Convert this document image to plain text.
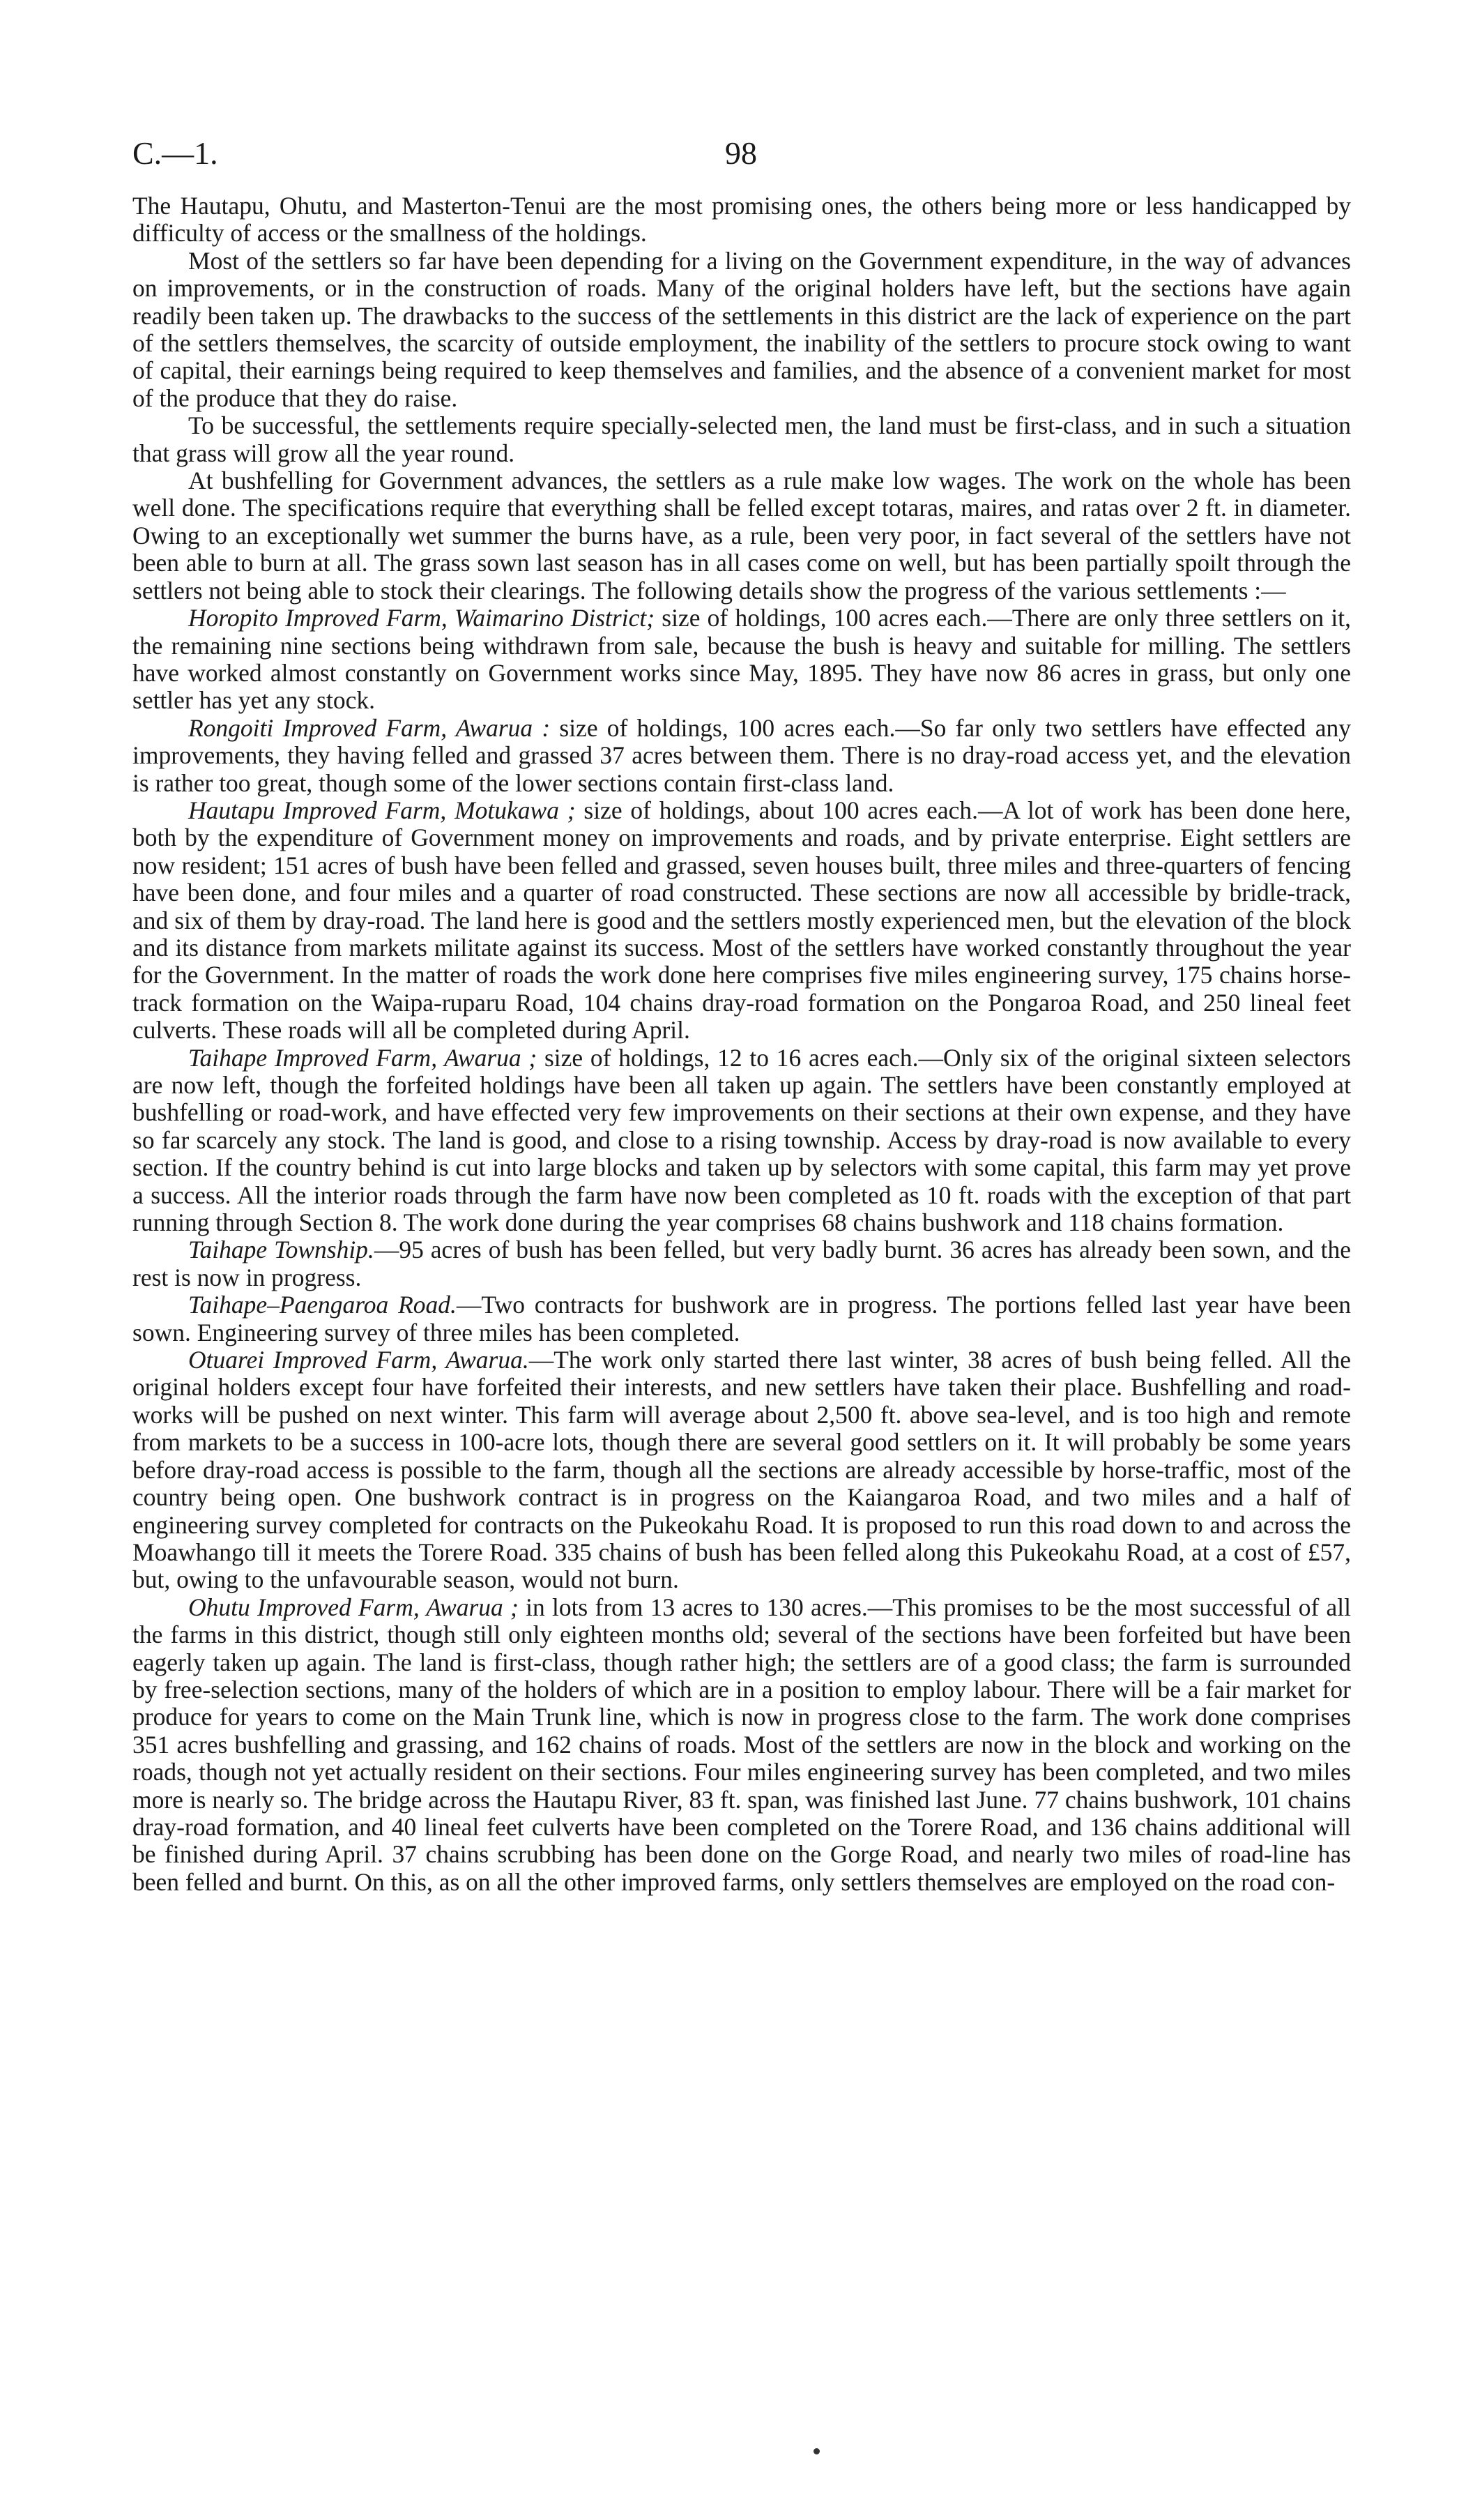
C.—1.	98

The Hautapu, Ohutu, and Masterton-Tenui are the most promising ones, the others being more or less handicapped by difficulty of access or the smallness of the holdings.

Most of the settlers so far have been depending for a living on the Government expenditure, in the way of advances on improvements, or in the construction of roads. Many of the original holders have left, but the sections have again readily been taken up. The drawbacks to the success of the settlements in this district are the lack of experience on the part of the settlers themselves, the scarcity of outside employment, the inability of the settlers to procure stock owing to want of capital, their earnings being required to keep themselves and families, and the absence of a convenient market for most of the produce that they do raise.

To be successful, the settlements require specially-selected men, the land must be first-class, and in such a situation that grass will grow all the year round.

At bushfelling for Government advances, the settlers as a rule make low wages. The work on the whole has been well done. The specifications require that everything shall be felled except totaras, maires, and ratas over 2 ft. in diameter. Owing to an exceptionally wet summer the burns have, as a rule, been very poor, in fact several of the settlers have not been able to burn at all. The grass sown last season has in all cases come on well, but has been partially spoilt through the settlers not being able to stock their clearings. The following details show the progress of the various settlements :—

Horopito Improved Farm, Waimarino District; size of holdings, 100 acres each.—There are only three settlers on it, the remaining nine sections being withdrawn from sale, because the bush is heavy and suitable for milling. The settlers have worked almost constantly on Government works since May, 1895. They have now 86 acres in grass, but only one settler has yet any stock.

Rongoiti Improved Farm, Awarua : size of holdings, 100 acres each.—So far only two settlers have effected any improvements, they having felled and grassed 37 acres between them. There is no dray-road access yet, and the elevation is rather too great, though some of the lower sections contain first-class land.

Hautapu Improved Farm, Motukawa ; size of holdings, about 100 acres each.—A lot of work has been done here, both by the expenditure of Government money on improvements and roads, and by private enterprise. Eight settlers are now resident; 151 acres of bush have been felled and grassed, seven houses built, three miles and three-quarters of fencing have been done, and four miles and a quarter of road constructed. These sections are now all accessible by bridle-track, and six of them by dray-road. The land here is good and the settlers mostly experienced men, but the elevation of the block and its distance from markets militate against its success. Most of the settlers have worked constantly throughout the year for the Government. In the matter of roads the work done here comprises five miles engineering survey, 175 chains horse-track formation on the Waipa-ruparu Road, 104 chains dray-road formation on the Pongaroa Road, and 250 lineal feet culverts. These roads will all be completed during April.

Taihape Improved Farm, Awarua ; size of holdings, 12 to 16 acres each.—Only six of the original sixteen selectors are now left, though the forfeited holdings have been all taken up again. The settlers have been constantly employed at bushfelling or road-work, and have effected very few improvements on their sections at their own expense, and they have so far scarcely any stock. The land is good, and close to a rising township. Access by dray-road is now available to every section. If the country behind is cut into large blocks and taken up by selectors with some capital, this farm may yet prove a success. All the interior roads through the farm have now been completed as 10 ft. roads with the exception of that part running through Section 8. The work done during the year comprises 68 chains bushwork and 118 chains formation.

Taihape Township.—95 acres of bush has been felled, but very badly burnt. 36 acres has already been sown, and the rest is now in progress.

Taihape–Paengaroa Road.—Two contracts for bushwork are in progress. The portions felled last year have been sown. Engineering survey of three miles has been completed.

Otuarei Improved Farm, Awarua.—The work only started there last winter, 38 acres of bush being felled. All the original holders except four have forfeited their interests, and new settlers have taken their place. Bushfelling and road-works will be pushed on next winter. This farm will average about 2,500 ft. above sea-level, and is too high and remote from markets to be a success in 100-acre lots, though there are several good settlers on it. It will probably be some years before dray-road access is possible to the farm, though all the sections are already accessible by horse-traffic, most of the country being open. One bushwork contract is in progress on the Kaiangaroa Road, and two miles and a half of engineering survey completed for contracts on the Pukeokahu Road. It is proposed to run this road down to and across the Moawhango till it meets the Torere Road. 335 chains of bush has been felled along this Pukeokahu Road, at a cost of £57, but, owing to the unfavourable season, would not burn.

Ohutu Improved Farm, Awarua ; in lots from 13 acres to 130 acres.—This promises to be the most successful of all the farms in this district, though still only eighteen months old; several of the sections have been forfeited but have been eagerly taken up again. The land is first-class, though rather high; the settlers are of a good class; the farm is surrounded by free-selection sections, many of the holders of which are in a position to employ labour. There will be a fair market for produce for years to come on the Main Trunk line, which is now in progress close to the farm. The work done comprises 351 acres bushfelling and grassing, and 162 chains of roads. Most of the settlers are now in the block and working on the roads, though not yet actually resident on their sections. Four miles engineering survey has been completed, and two miles more is nearly so. The bridge across the Hautapu River, 83 ft. span, was finished last June. 77 chains bushwork, 101 chains dray-road formation, and 40 lineal feet culverts have been completed on the Torere Road, and 136 chains additional will be finished during April. 37 chains scrubbing has been done on the Gorge Road, and nearly two miles of road-line has been felled and burnt. On this, as on all the other improved farms, only settlers themselves are employed on the road con-
